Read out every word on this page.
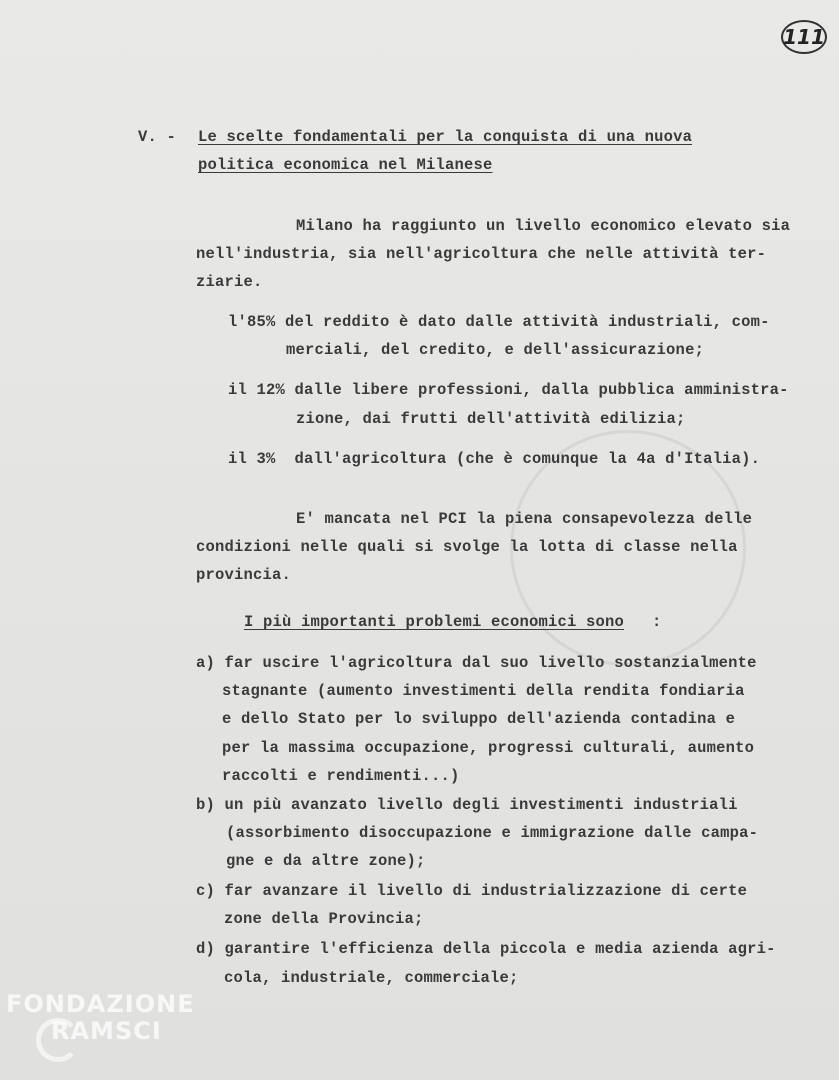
111
V. - Le scelte fondamentali per la conquista di una nuova
politica economica nel Milanese
Milano ha raggiunto un livello economico elevato sia
nell'industria, sia nell'agricoltura che nelle attività ter-
ziarie.
l'85% del reddito è dato dalle attività industriali, com-
merciali, del credito, e dell'assicurazione;
il 12% dalle libere professioni, dalla pubblica amministra-
zione, dai frutti dell'attività edilizia;
il 3%  dall'agricoltura (che è comunque la 4a d'Italia).
E' mancata nel PCI la piena consapevolezza delle
condizioni nelle quali si svolge la lotta di classe nella
provincia.
I più importanti problemi economici sono :
a) far uscire l'agricoltura dal suo livello sostanzialmente
stagnante (aumento investimenti della rendita fondiaria
e dello Stato per lo sviluppo dell'azienda contadina e
per la massima occupazione, progressi culturali, aumento
raccolti e rendimenti...)
b) un più avanzato livello degli investimenti industriali
(assorbimento disoccupazione e immigrazione dalle campa-
gne e da altre zone);
c) far avanzare il livello di industrializzazione di certe
zone della Provincia;
d) garantire l'efficienza della piccola e media azienda agri-
cola, industriale, commerciale;
FONDAZIONE
RAMSCI
